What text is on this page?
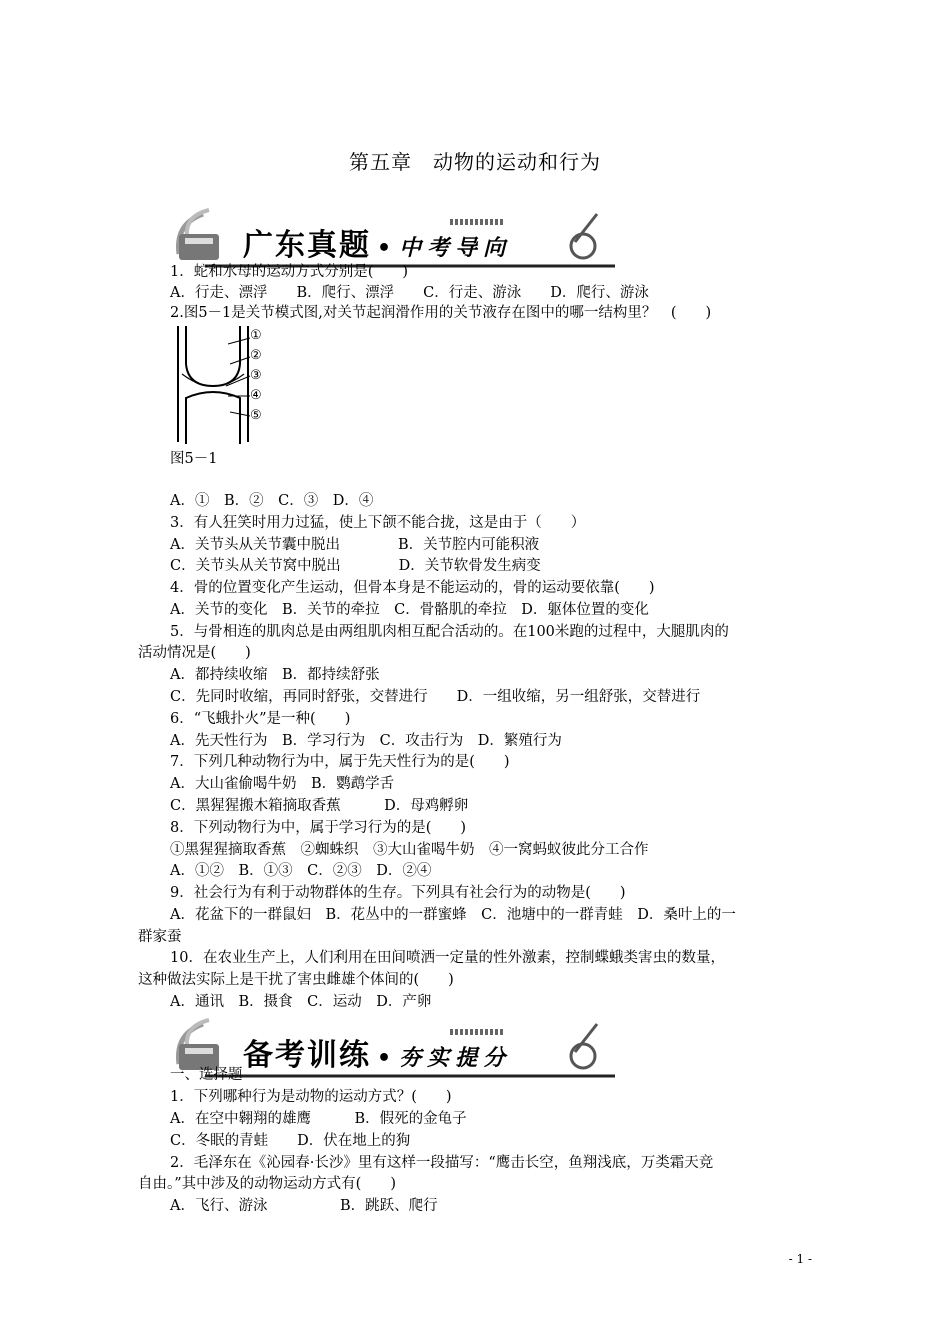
第五章　动物的运动和行为
广东真题 • 中考导向
1．蛇和水母的运动方式分别是(　　)
A．行走、漂浮　　B．爬行、漂浮　　C．行走、游泳　　D．爬行、游泳
2.图5－1是关节模式图,对关节起润滑作用的关节液存在图中的哪一结构里？　(　　)
①
②
③
④
⑤
图5－1
A．①　B．②　C．③　D．④
3．有人狂笑时用力过猛，使上下颌不能合拢，这是由于（　　）
A．关节头从关节囊中脱出　　　　B．关节腔内可能积液
C．关节头从关节窝中脱出　　　　D．关节软骨发生病变
4．骨的位置变化产生运动，但骨本身是不能运动的，骨的运动要依靠(　　)
A．关节的变化　B．关节的牵拉　C．骨骼肌的牵拉　D．躯体位置的变化
5．与骨相连的肌肉总是由两组肌肉相互配合活动的。在100米跑的过程中，大腿肌肉的
活动情况是(　　)
A．都持续收缩　B．都持续舒张
C．先同时收缩，再同时舒张，交替进行　　D．一组收缩，另一组舒张，交替进行
6．“飞蛾扑火”是一种(　　)
A．先天性行为　B．学习行为　C．攻击行为　D．繁殖行为
7．下列几种动物行为中，属于先天性行为的是(　　)
A．大山雀偷喝牛奶　B．鹦鹉学舌
C．黑猩猩搬木箱摘取香蕉　　　D．母鸡孵卵
8．下列动物行为中，属于学习行为的是(　　)
①黑猩猩摘取香蕉　②蜘蛛织　③大山雀喝牛奶　④一窝蚂蚁彼此分工合作
A．①②　B．①③　C．②③　D．②④
9．社会行为有利于动物群体的生存。下列具有社会行为的动物是(　　)
A．花盆下的一群鼠妇　B．花丛中的一群蜜蜂　C．池塘中的一群青蛙　D．桑叶上的一
群家蚕
10．在农业生产上，人们利用在田间喷洒一定量的性外激素，控制蝶蛾类害虫的数量，
这种做法实际上是干扰了害虫雌雄个体间的(　　)
A．通讯　B．摄食　C．运动　D．产卵
备考训练 • 夯实提分
一、选择题
1．下列哪种行为是动物的运动方式？(　　)
A．在空中翱翔的雄鹰　　　B．假死的金龟子
C．冬眠的青蛙　　D．伏在地上的狗
2．毛泽东在《沁园春·长沙》里有这样一段描写：“鹰击长空，鱼翔浅底，万类霜天竞
自由。”其中涉及的动物运动方式有(　　)
A．飞行、游泳　　　　　B．跳跃、爬行
- 1 -
